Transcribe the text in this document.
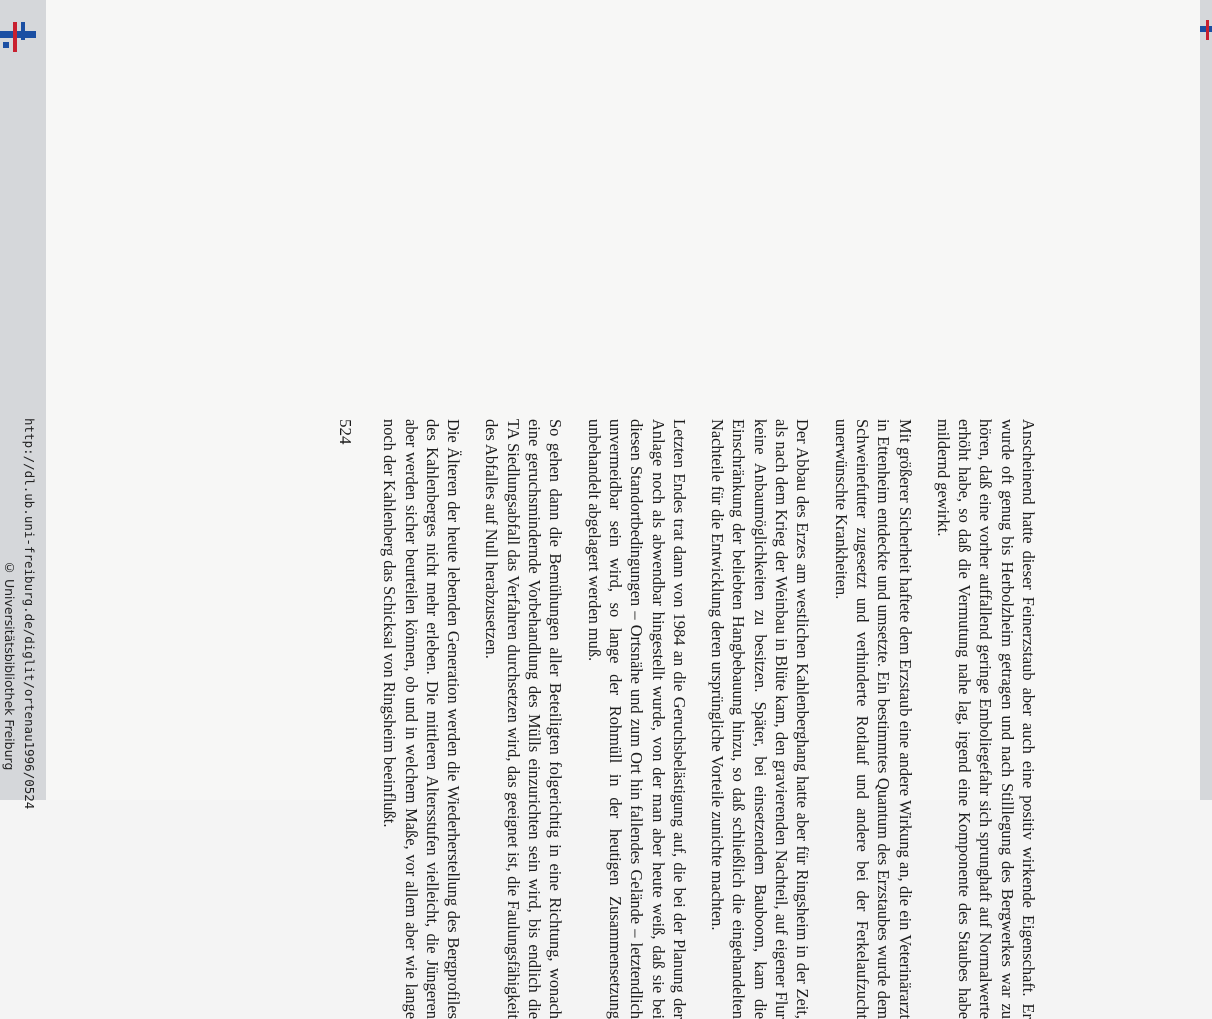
http://dl.ub.uni-freiburg.de/diglit/ortenau1996/0524
© Universitätsbibliothek Freiburg	Anscheinend hatte dieser Feinerzstaub aber auch eine positiv wirkende Eigenschaft. Er wurde oft genug bis Herbolzheim getragen und nach Stilllegung des Bergwerkes war zu hören, daß eine vorher auffallend geringe Emboliegefahr sich sprunghaft auf Normalwerte erhöht habe, so daß die Vermutung nahe lag, irgend eine Komponente des Staubes habe mildernd gewirkt.

Mit größerer Sicherheit haftete dem Erzstaub eine andere Wirkung an, die ein Veterinärarzt in Ettenheim entdeckte und umsetzte. Ein bestimmtes Quantum des Erzstaubes wurde dem Schweinefutter zugesetzt und verhinderte Rotlauf und andere bei der Ferkelaufzucht unerwünschte Krankheiten.

Der Abbau des Erzes am westlichen Kahlenberghang hatte aber für Ringsheim in der Zeit, als nach dem Krieg der Weinbau in Blüte kam, den gravierenden Nachteil, auf eigener Flur keine Anbaumöglichkeiten zu besitzen. Später, bei einsetzendem Bauboom, kam die Einschränkung der beliebten Hangbebauung hinzu, so daß schließlich die eingehandelten Nachteile für die Entwicklung deren ursprüngliche Vorteile zunichte machten.

Letzten Endes trat dann von 1984 an die Geruchsbelästigung auf, die bei der Planung der Anlage noch als abwendbar hingestellt wurde, von der man aber heute weiß, daß sie bei diesen Standortbedingungen – Ortsnähe und zum Ort hin fallendes Gelände – letztendlich unvermeidbar sein wird, so lange der Rohmüll in der heutigen Zusammensetzung unbehandelt abgelagert werden muß.

So gehen dann die Bemühungen aller Beteiligten folgerichtig in eine Richtung, wonach eine geruchsmindernde Vorbehandlung des Mülls einzurichten sein wird, bis endlich die TA Siedlungsabfall das Verfahren durchsetzen wird, das geeignet ist, die Faulungsfähigkeit des Abfalles auf Null herabzusetzen.

Die Älteren der heute lebenden Generation werden die Wiederherstellung des Bergprofiles des Kahlenberges nicht mehr erleben. Die mittleren Altersstufen vielleicht, die Jüngeren aber werden sicher beurteilen können, ob und in welchem Maße, vor allem aber wie lange noch der Kahlenberg das Schicksal von Ringsheim beeinflußt.

524
